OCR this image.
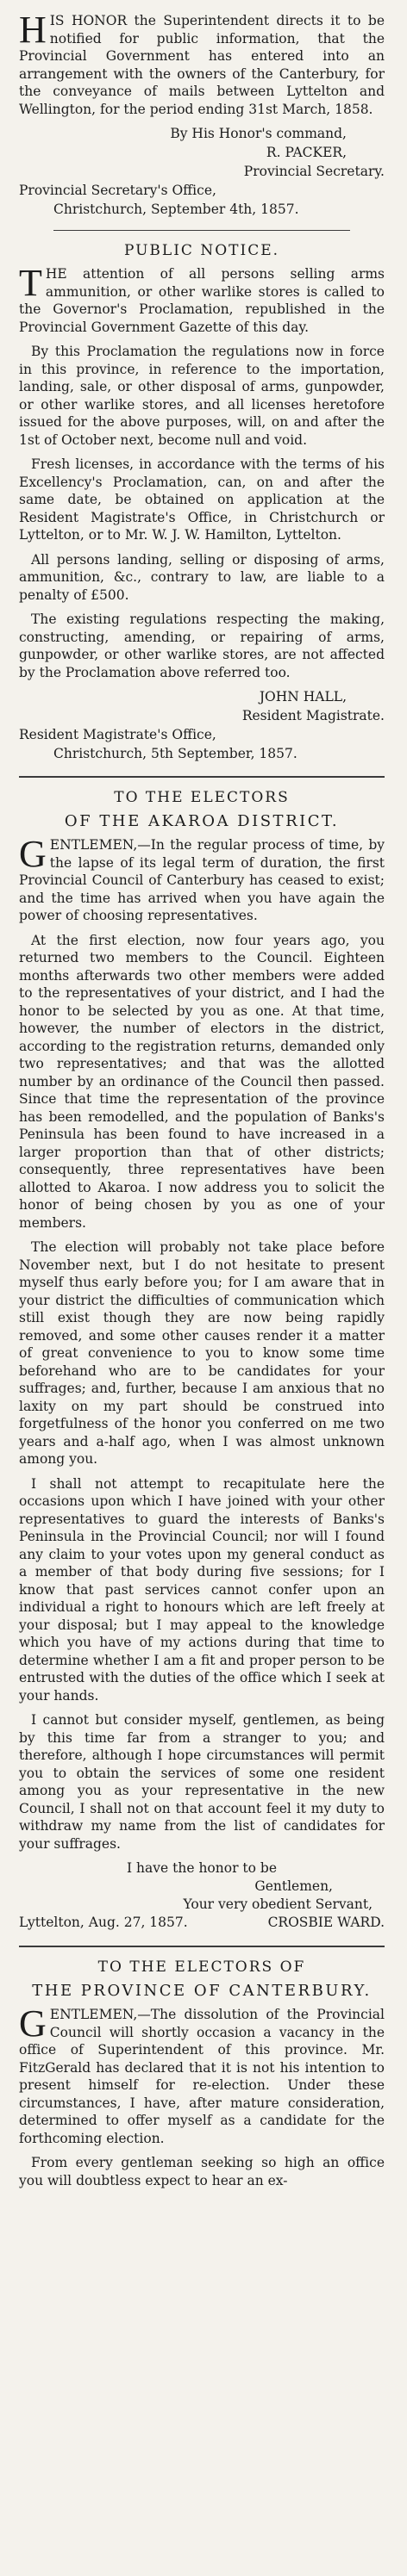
HIS HONOR the Superintendent directs it to be notified for public information, that the Provincial Government has entered into an arrangement with the owners of the Canterbury, for the conveyance of mails between Lyttelton and Wellington, for the period ending 31st March, 1858.

By His Honor's command,
R. PACKER,
Provincial Secretary.
Provincial Secretary's Office,
Christchurch, September 4th, 1857.
PUBLIC NOTICE.

THE attention of all persons selling arms ammunition, or other warlike stores is called to the Governor's Proclamation, republished in the Provincial Government Gazette of this day.

By this Proclamation the regulations now in force in this province, in reference to the importation, landing, sale, or other disposal of arms, gunpowder, or other warlike stores, and all licenses heretofore issued for the above purposes, will, on and after the 1st of October next, become null and void.

Fresh licenses, in accordance with the terms of his Excellency's Proclamation, can, on and after the same date, be obtained on application at the Resident Magistrate's Office, in Christchurch or Lyttelton, or to Mr. W. J. W. Hamilton, Lyttelton.

All persons landing, selling or disposing of arms, ammunition, &c., contrary to law, are liable to a penalty of £500.

The existing regulations respecting the making, constructing, amending, or repairing of arms, gunpowder, or other warlike stores, are not affected by the Proclamation above referred too.

JOHN HALL,
Resident Magistrate.
Resident Magistrate's Office,
Christchurch, 5th September, 1857.
TO THE ELECTORS
OF THE AKAROA DISTRICT.

GENTLEMEN,—In the regular process of time, by the lapse of its legal term of duration, the first Provincial Council of Canterbury has ceased to exist; and the time has arrived when you have again the power of choosing representatives.

At the first election, now four years ago, you returned two members to the Council. Eighteen months afterwards two other members were added to the representatives of your district, and I had the honor to be selected by you as one. At that time, however, the number of electors in the district, according to the registration returns, demanded only two representatives; and that was the allotted number by an ordinance of the Council then passed. Since that time the representation of the province has been remodelled, and the population of Banks's Peninsula has been found to have increased in a larger proportion than that of other districts; consequently, three representatives have been allotted to Akaroa. I now address you to solicit the honor of being chosen by you as one of your members.

The election will probably not take place before November next, but I do not hesitate to present myself thus early before you; for I am aware that in your district the difficulties of communication which still exist though they are now being rapidly removed, and some other causes render it a matter of great convenience to you to know some time beforehand who are to be candidates for your suffrages; and, further, because I am anxious that no laxity on my part should be construed into forgetfulness of the honor you conferred on me two years and a-half ago, when I was almost unknown among you.

I shall not attempt to recapitulate here the occasions upon which I have joined with your other representatives to guard the interests of Banks's Peninsula in the Provincial Council; nor will I found any claim to your votes upon my general conduct as a member of that body during five sessions; for I know that past services cannot confer upon an individual a right to honours which are left freely at your disposal; but I may appeal to the knowledge which you have of my actions during that time to determine whether I am a fit and proper person to be entrusted with the duties of the office which I seek at your hands.

I cannot but consider myself, gentlemen, as being by this time far from a stranger to you; and therefore, although I hope circumstances will permit you to obtain the services of some one resident among you as your representative in the new Council, I shall not on that account feel it my duty to withdraw my name from the list of candidates for your suffrages.

I have the honor to be
Gentlemen,
Your very obedient Servant,
Lyttelton, Aug. 27, 1857.	CROSBIE WARD.
TO THE ELECTORS OF
THE PROVINCE OF CANTERBURY.

GENTLEMEN,—The dissolution of the Provincial Council will shortly occasion a vacancy in the office of Superintendent of this province. Mr. FitzGerald has declared that it is not his intention to present himself for re-election. Under these circumstances, I have, after mature consideration, determined to offer myself as a candidate for the forthcoming election.

From every gentleman seeking so high an office you will doubtless expect to hear an ex-
